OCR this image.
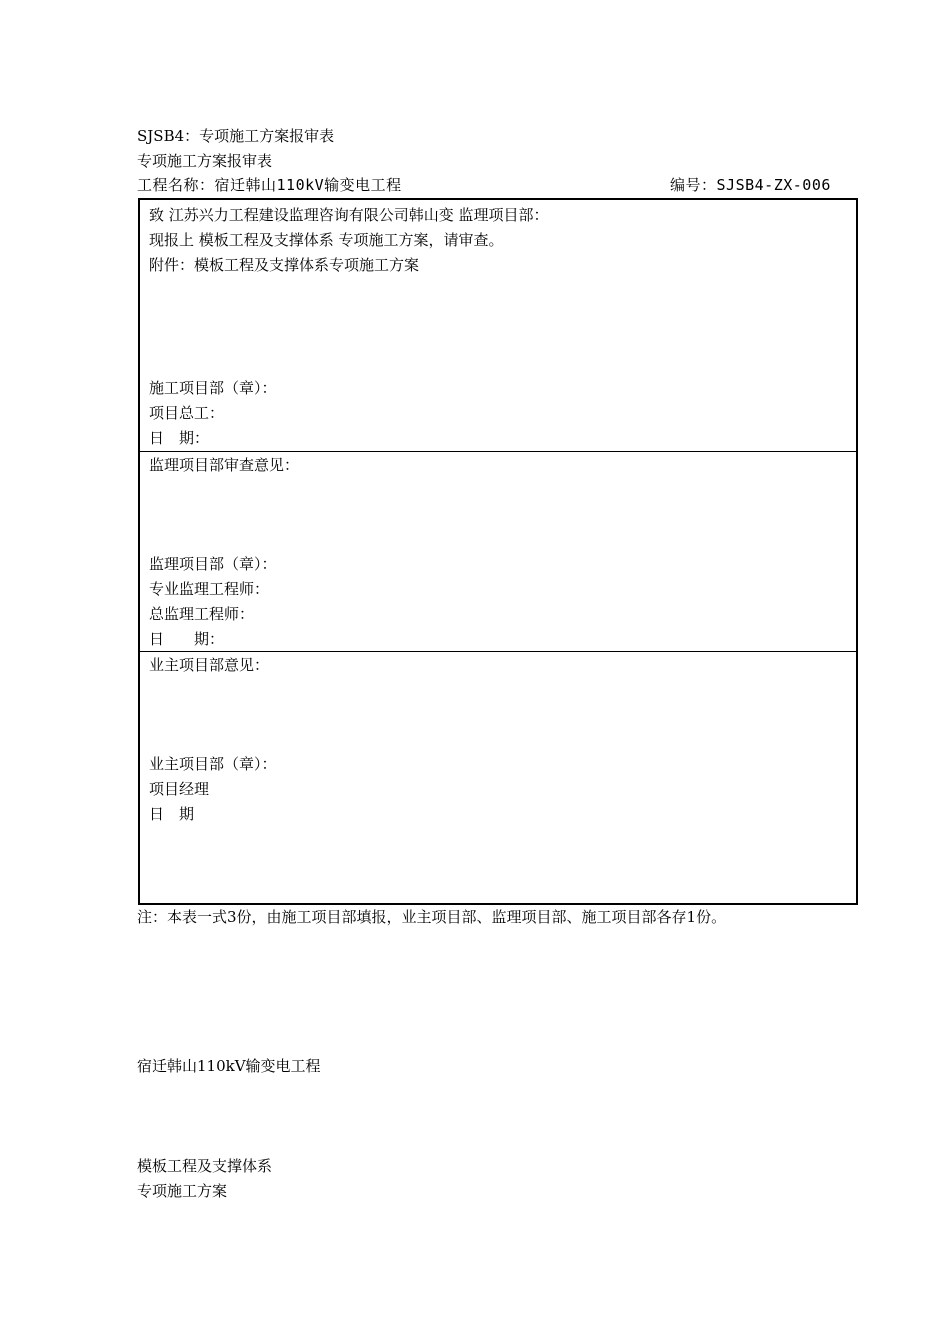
SJSB4：专项施工方案报审表
专项施工方案报审表
工程名称：宿迁韩山110kV输变电工程	编号：SJSB4-ZX-006
致 江苏兴力工程建设监理咨询有限公司韩山变 监理项目部：
现报上 模板工程及支撑体系 专项施工方案，请审查。
附件：模板工程及支撑体系专项施工方案
施工项目部（章）：
项目总工：
日　期：
监理项目部审查意见：
监理项目部（章）：
专业监理工程师：
总监理工程师：
日　　期：
业主项目部意见：
业主项目部（章）：
项目经理
日　期
注：本表一式3份，由施工项目部填报，业主项目部、监理项目部、施工项目部各存1份。
宿迁韩山110kV输变电工程
模板工程及支撑体系
专项施工方案
